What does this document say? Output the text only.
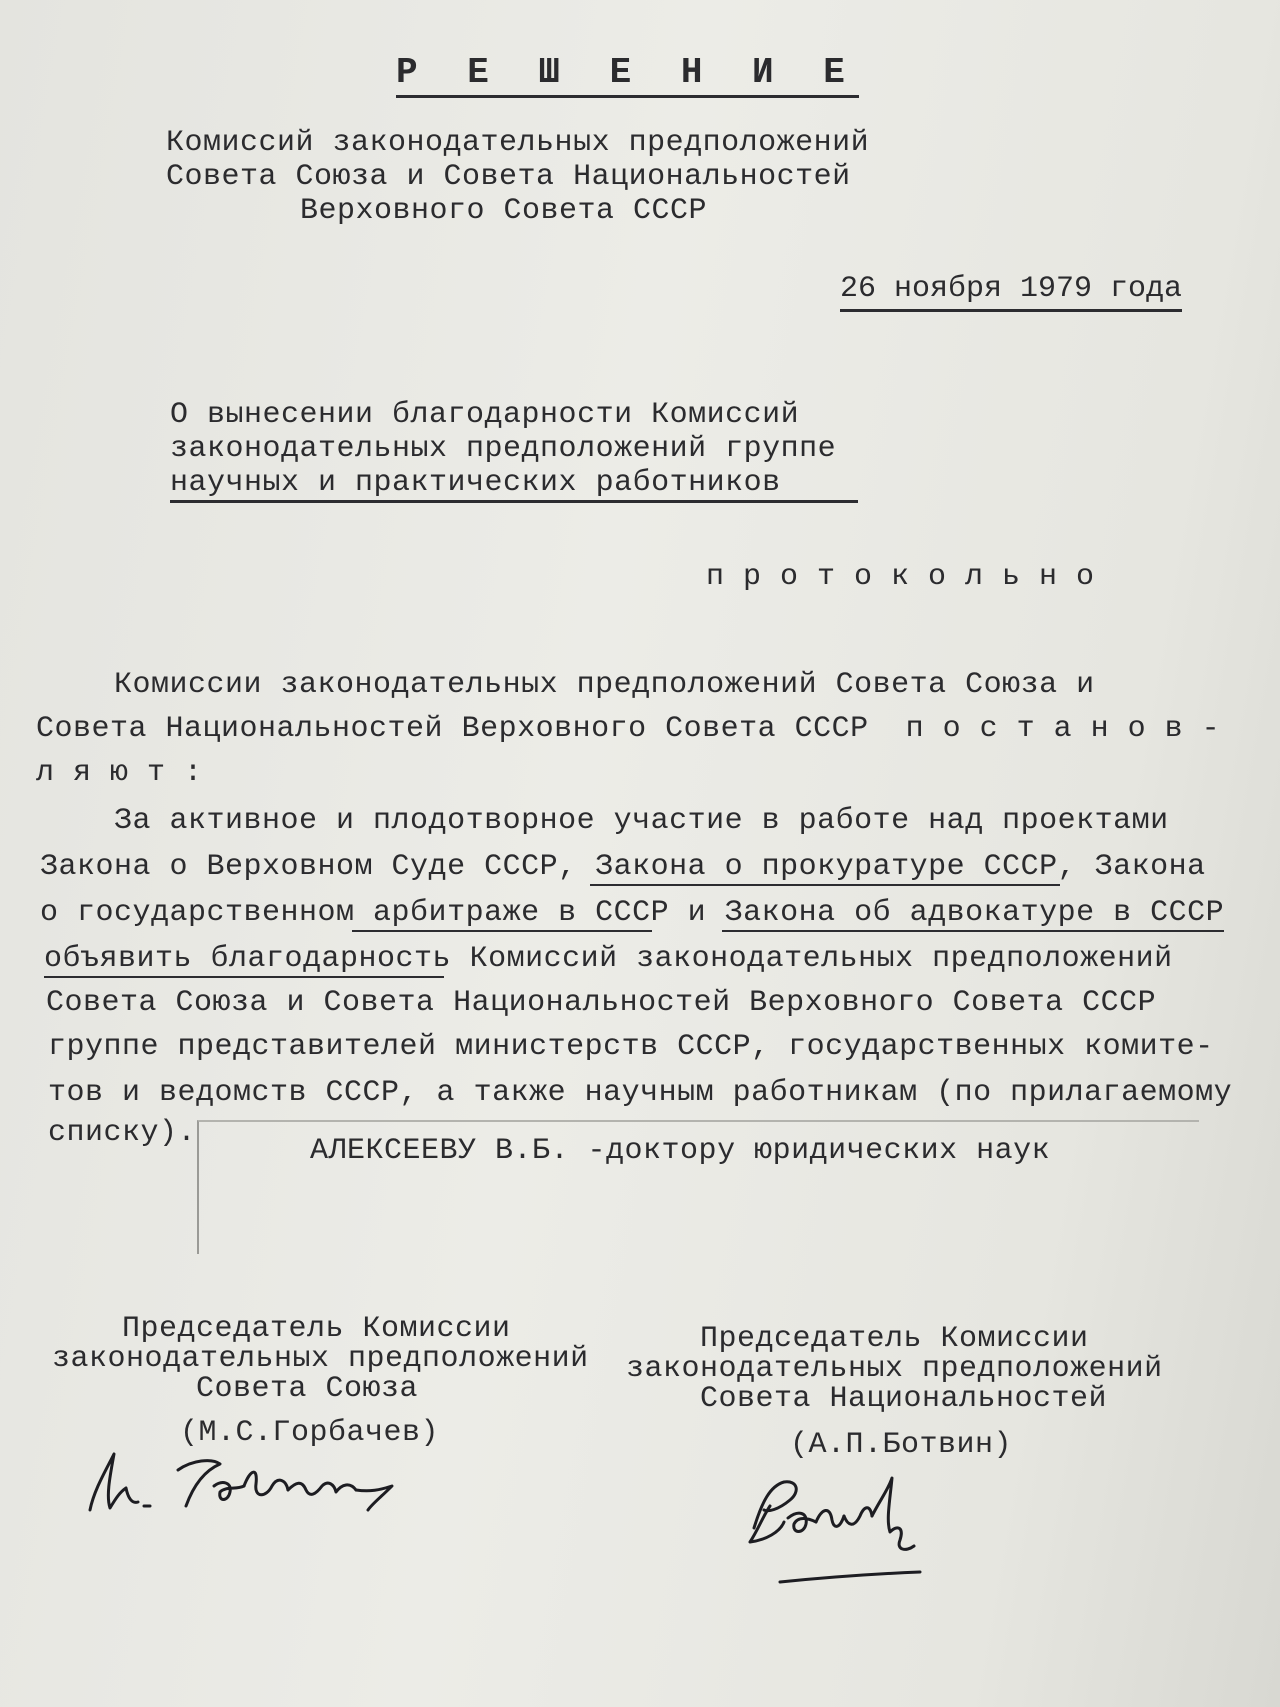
Р Е Ш Е Н И Е
Комиссий законодательных предположений
Совета Союза и Совета Национальностей
Верховного Совета СССР
26 ноября 1979 года
О вынесении благодарности Комиссий
законодательных предположений группе
научных и практических работников
п р о т о к о л ь н о
Комиссии законодательных предположений Совета Союза и
Совета Национальностей Верховного Совета СССР  п о с т а н о в -
л я ю т :
За активное и плодотворное участие в работе над проектами
Закона о Верховном Суде СССР, Закона о прокуратуре СССР, Закона
о государственном арбитраже в СССР и Закона об адвокатуре в СССР
объявить благодарность Комиссий законодательных предположений
Совета Союза и Совета Национальностей Верховного Совета СССР
группе представителей министерств СССР, государственных комите-
тов и ведомств СССР, а также научным работникам (по прилагаемому
списку).
АЛЕКСЕЕВУ В.Б. -доктору юридических наук
Председатель Комиссии
законодательных предположений
Совета Союза
(М.С.Горбачев)
Председатель Комиссии
законодательных предположений
Совета Национальностей
(А.П.Ботвин)
